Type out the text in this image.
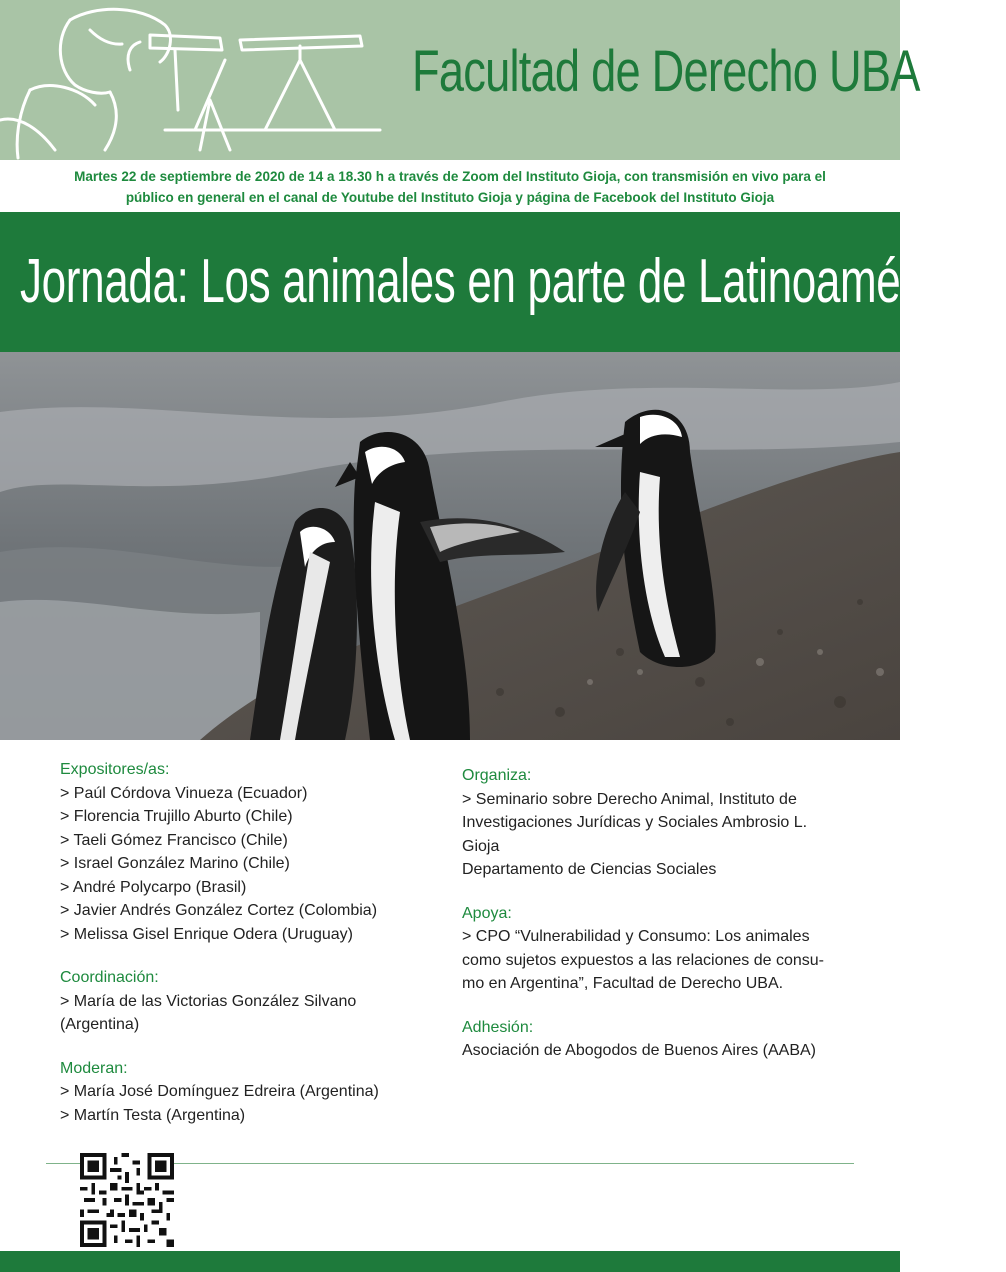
Facultad de Derecho UBA
Martes 22 de septiembre de 2020 de 14 a 18.30 h a través de Zoom del Instituto Gioja, con transmisión en vivo para el
público en general en el canal de Youtube del Instituto Gioja y página de Facebook del Instituto Gioja
Jornada: Los animales en parte de Latinoamérica II
Expositores/as:
> Paúl Córdova Vinueza (Ecuador)
> Florencia Trujillo Aburto (Chile)
> Taeli Gómez Francisco (Chile)
> Israel González Marino (Chile)
> André Polycarpo (Brasil)
> Javier Andrés González Cortez (Colombia)
> Melissa Gisel Enrique Odera (Uruguay)
Coordinación:
> María de las Victorias González Silvano
(Argentina)
Moderan:
> María José Domínguez Edreira (Argentina)
> Martín Testa (Argentina)
Organiza:
> Seminario sobre Derecho Animal, Instituto de
Investigaciones Jurídicas y Sociales Ambrosio L.
Gioja
Departamento de Ciencias Sociales
Apoya:
> CPO “Vulnerabilidad y Consumo: Los animales
como sujetos expuestos a las relaciones de consu-
mo en Argentina”, Facultad de Derecho UBA.
Adhesión:
Asociación de Abogodos de Buenos Aires (AABA)
